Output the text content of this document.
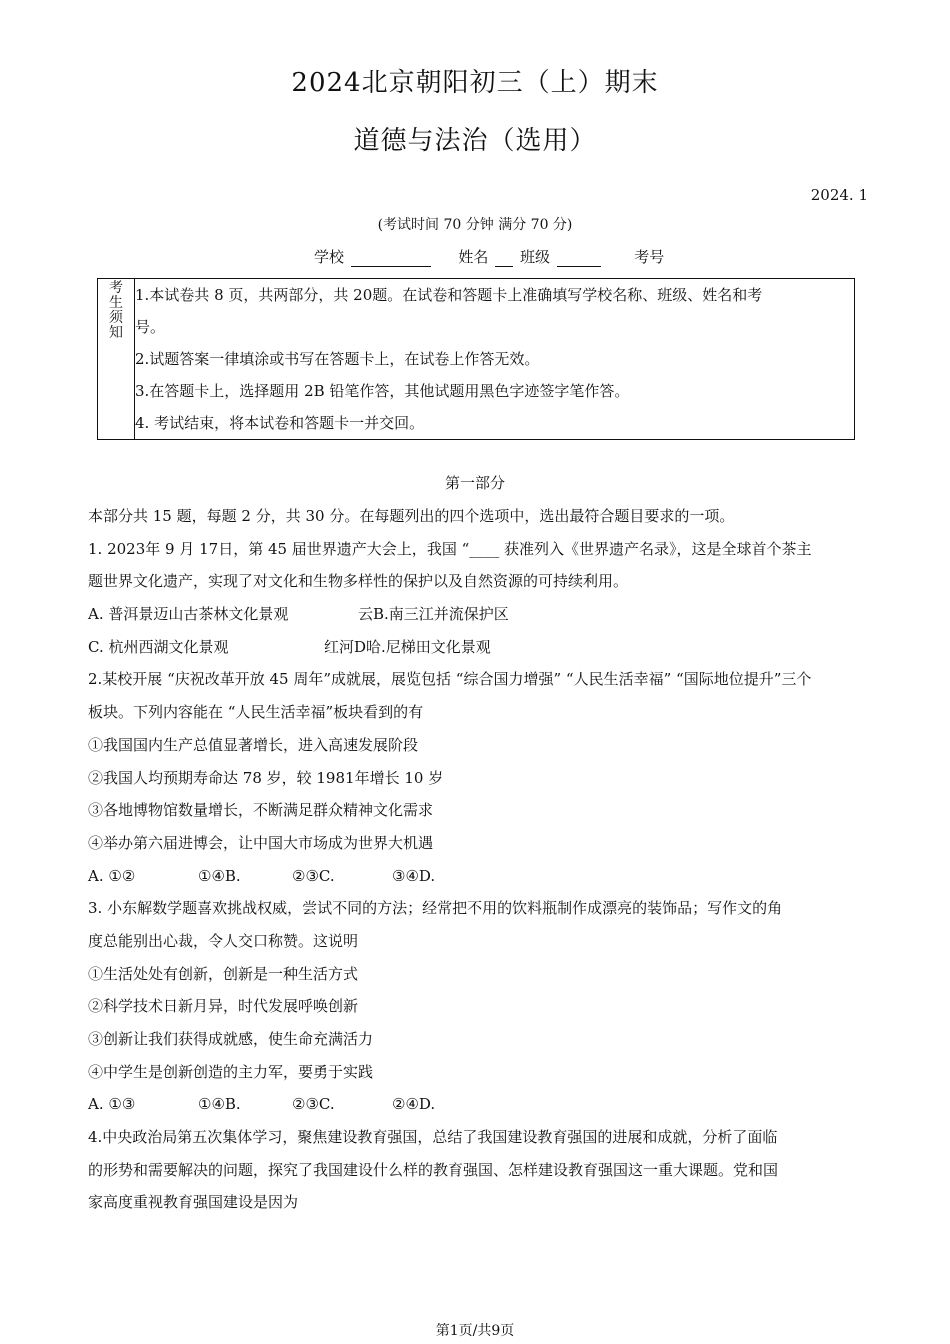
2024北京朝阳初三（上）期末
道德与法治（选用）
2024. 1
(考试时间 70 分钟 满分 70 分)
学校	姓名 班级	考号
考
生
须
知
1.本试卷共 8 页，共两部分，共 20题。在试卷和答题卡上准确填写学校名称、班级、姓名和考
号。
2.试题答案一律填涂或书写在答题卡上，在试卷上作答无效。
3.在答题卡上，选择题用 2B 铅笔作答，其他试题用黑色字迹签字笔作答。
4. 考试结束，将本试卷和答题卡一并交回。
第一部分
本部分共 15 题，每题 2 分，共 30 分。在每题列出的四个选项中，选出最符合题目要求的一项。
1. 2023年 9 月 17日，第 45 届世界遗产大会上，我国 “____ 获准列入《世界遗产名录》，这是全球首个茶主
题世界文化遗产，实现了对文化和生物多样性的保护以及自然资源的可持续利用。
A. 普洱景迈山古茶林文化景观	云B.南三江并流保护区
C. 杭州西湖文化景观	红河D哈.尼梯田文化景观
2.某校开展 “庆祝改革开放 45 周年”成就展，展览包括 “综合国力增强” “人民生活幸福” “国际地位提升”三个
板块。下列内容能在 “人民生活幸福”板块看到的有
①我国国内生产总值显著增长，进入高速发展阶段
②我国人均预期寿命达 78 岁，较 1981年增长 10 岁
③各地博物馆数量增长，不断满足群众精神文化需求
④举办第六届进博会，让中国大市场成为世界大机遇
A. ①②	①④B.	②③C.	③④D.
3. 小东解数学题喜欢挑战权威，尝试不同的方法；经常把不用的饮料瓶制作成漂亮的装饰品；写作文的角
度总能别出心裁，令人交口称赞。这说明
①生活处处有创新，创新是一种生活方式
②科学技术日新月异，时代发展呼唤创新
③创新让我们获得成就感，使生命充满活力
④中学生是创新创造的主力军，要勇于实践
A. ①③	①④B.	②③C.	②④D.
4.中央政治局第五次集体学习，聚焦建设教育强国，总结了我国建设教育强国的进展和成就，分析了面临
的形势和需要解决的问题，探究了我国建设什么样的教育强国、怎样建设教育强国这一重大课题。党和国
家高度重视教育强国建设是因为
第1页/共9页
